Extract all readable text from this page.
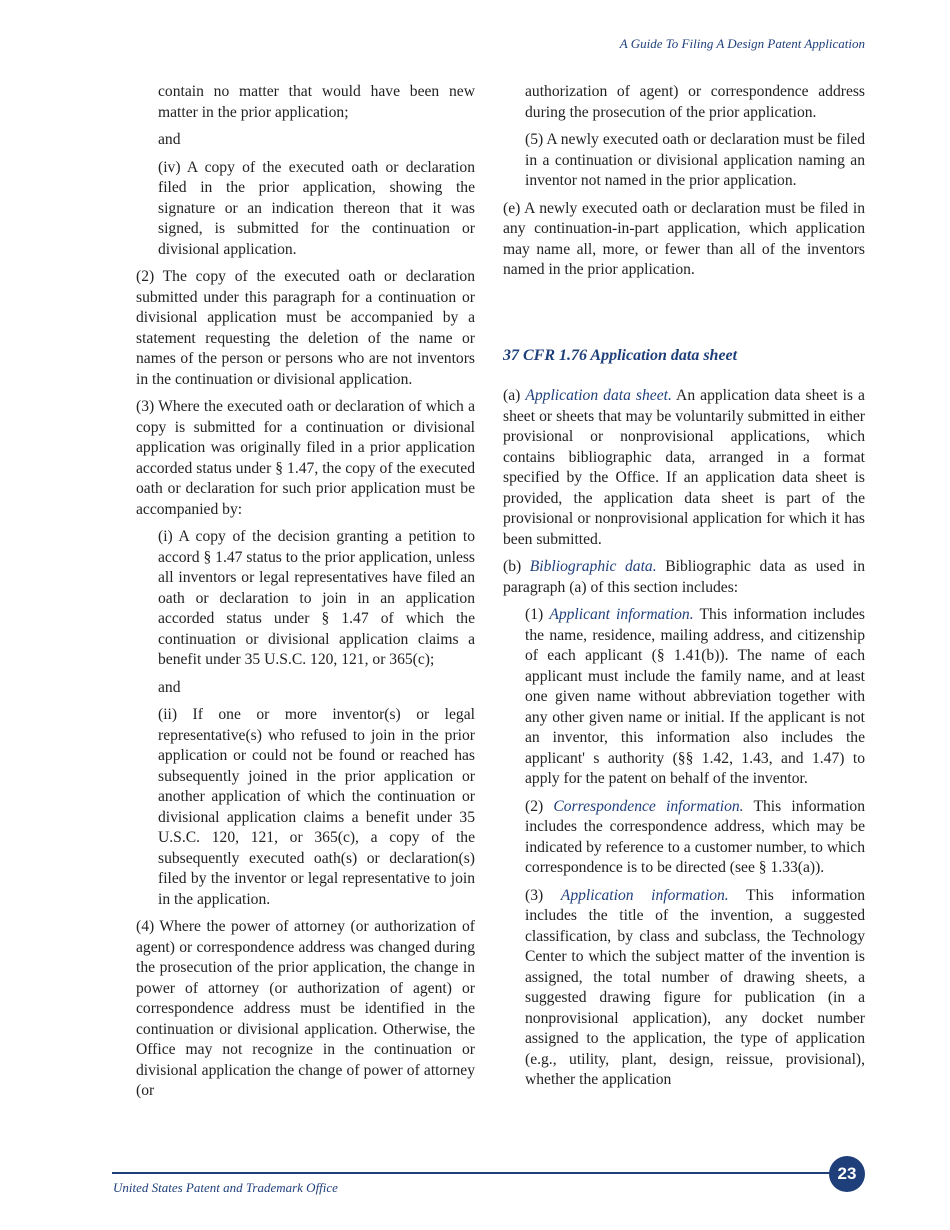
A Guide To Filing A Design Patent Application

contain no matter that would have been new matter in the prior application;

and

(iv) A copy of the executed oath or declaration filed in the prior application, showing the signature or an indication thereon that it was signed, is submitted for the continuation or divisional application.

(2) The copy of the executed oath or declaration submitted under this paragraph for a continuation or divisional application must be accompanied by a statement requesting the deletion of the name or names of the person or persons who are not inventors in the continuation or divisional application.

(3) Where the executed oath or declaration of which a copy is submitted for a continuation or divisional application was originally filed in a prior application accorded status under § 1.47, the copy of the executed oath or declaration for such prior application must be accompanied by:

(i) A copy of the decision granting a petition to accord § 1.47 status to the prior application, unless all inventors or legal representatives have filed an oath or declaration to join in an application accorded status under § 1.47 of which the continuation or divisional application claims a benefit under 35 U.S.C. 120, 121, or 365(c);

and

(ii) If one or more inventor(s) or legal representative(s) who refused to join in the prior application or could not be found or reached has subsequently joined in the prior application or another application of which the continuation or divisional application claims a benefit under 35 U.S.C. 120, 121, or 365(c), a copy of the subsequently executed oath(s) or declaration(s) filed by the inventor or legal representative to join in the application.

(4) Where the power of attorney (or authorization of agent) or correspondence address was changed during the prosecution of the prior application, the change in power of attorney (or authorization of agent) or correspondence address must be identified in the continuation or divisional application. Otherwise, the Office may not recognize in the continuation or divisional application the change of power of attorney (or

authorization of agent) or correspondence address during the prosecution of the prior application.

(5) A newly executed oath or declaration must be filed in a continuation or divisional application naming an inventor not named in the prior application.

(e) A newly executed oath or declaration must be filed in any continuation-in-part application, which application may name all, more, or fewer than all of the inventors named in the prior application.

37 CFR 1.76 Application data sheet

(a) Application data sheet. An application data sheet is a sheet or sheets that may be voluntarily submitted in either provisional or nonprovisional applications, which contains bibliographic data, arranged in a format specified by the Office. If an application data sheet is provided, the application data sheet is part of the provisional or nonprovisional application for which it has been submitted.

(b) Bibliographic data. Bibliographic data as used in paragraph (a) of this section includes:

(1) Applicant information. This information includes the name, residence, mailing address, and citizenship of each applicant (§ 1.41(b)). The name of each applicant must include the family name, and at least one given name without abbreviation together with any other given name or initial. If the applicant is not an inventor, this information also includes the applicant' s authority (§§ 1.42, 1.43, and 1.47) to apply for the patent on behalf of the inventor.

(2) Correspondence information. This information includes the correspondence address, which may be indicated by reference to a customer number, to which correspondence is to be directed (see § 1.33(a)).

(3) Application information. This information includes the title of the invention, a suggested classification, by class and subclass, the Technology Center to which the subject matter of the invention is assigned, the total number of drawing sheets, a suggested drawing figure for publication (in a nonprovisional application), any docket number assigned to the application, the type of application (e.g., utility, plant, design, reissue, provisional), whether the application

23
United States Patent and Trademark Office
